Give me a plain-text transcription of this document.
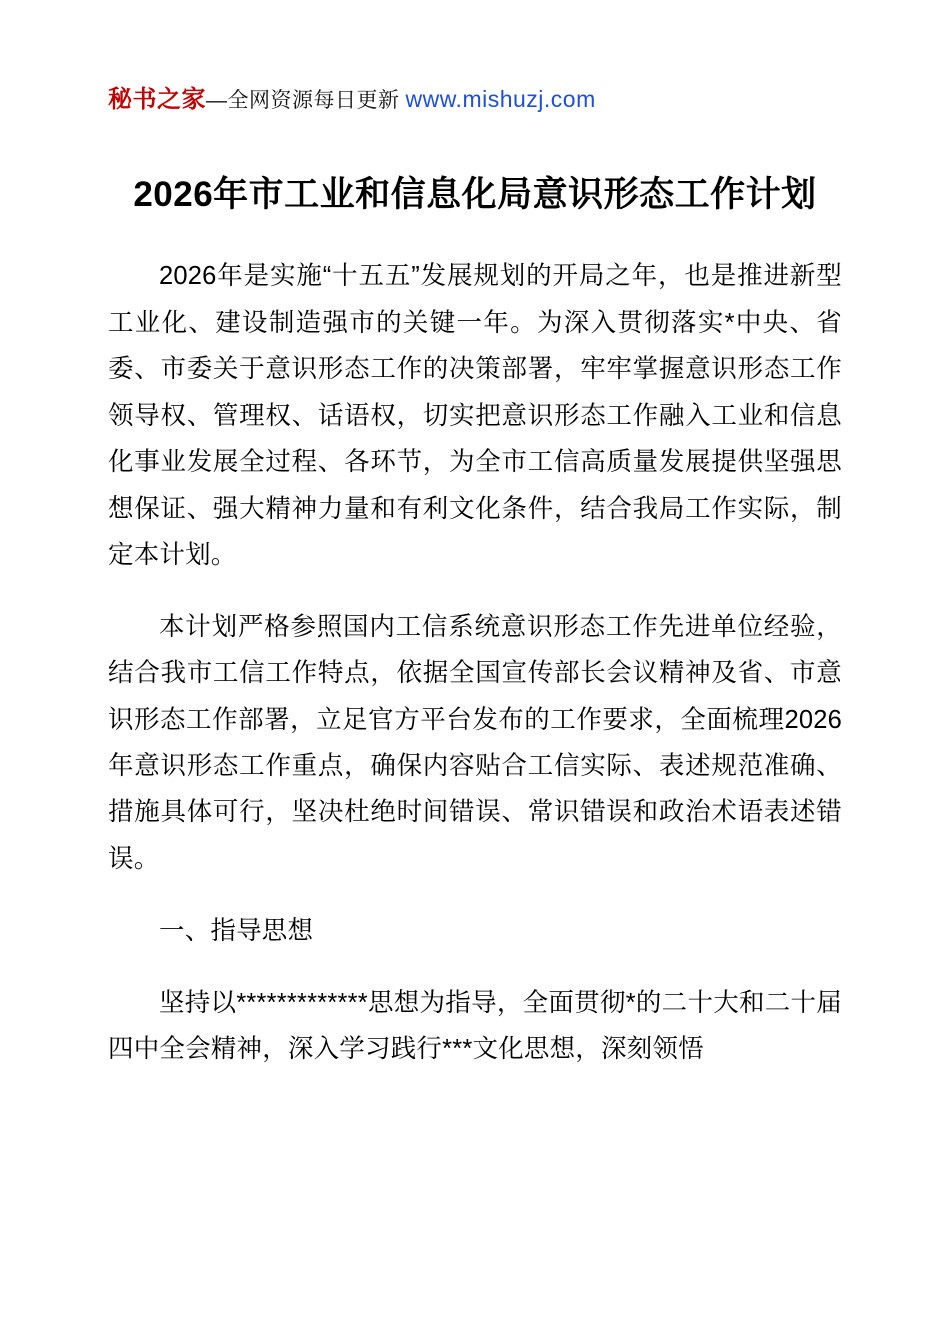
秘书之家—全网资源每日更新 www.mishuzj.com
2026年市工业和信息化局意识形态工作计划

2026年是实施“十五五”发展规划的开局之年，也是推进新型工业化、建设制造强市的关键一年。为深入贯彻落实*中央、省委、市委关于意识形态工作的决策部署，牢牢掌握意识形态工作领导权、管理权、话语权，切实把意识形态工作融入工业和信息化事业发展全过程、各环节，为全市工信高质量发展提供坚强思想保证、强大精神力量和有利文化条件，结合我局工作实际，制定本计划。

本计划严格参照国内工信系统意识形态工作先进单位经验，结合我市工信工作特点，依据全国宣传部长会议精神及省、市意识形态工作部署，立足官方平台发布的工作要求，全面梳理2026年意识形态工作重点，确保内容贴合工信实际、表述规范准确、措施具体可行，坚决杜绝时间错误、常识错误和政治术语表述错误。

一、指导思想

坚持以*************思想为指导，全面贯彻*的二十大和二十届四中全会精神，深入学习践行***文化思想，深刻领悟
